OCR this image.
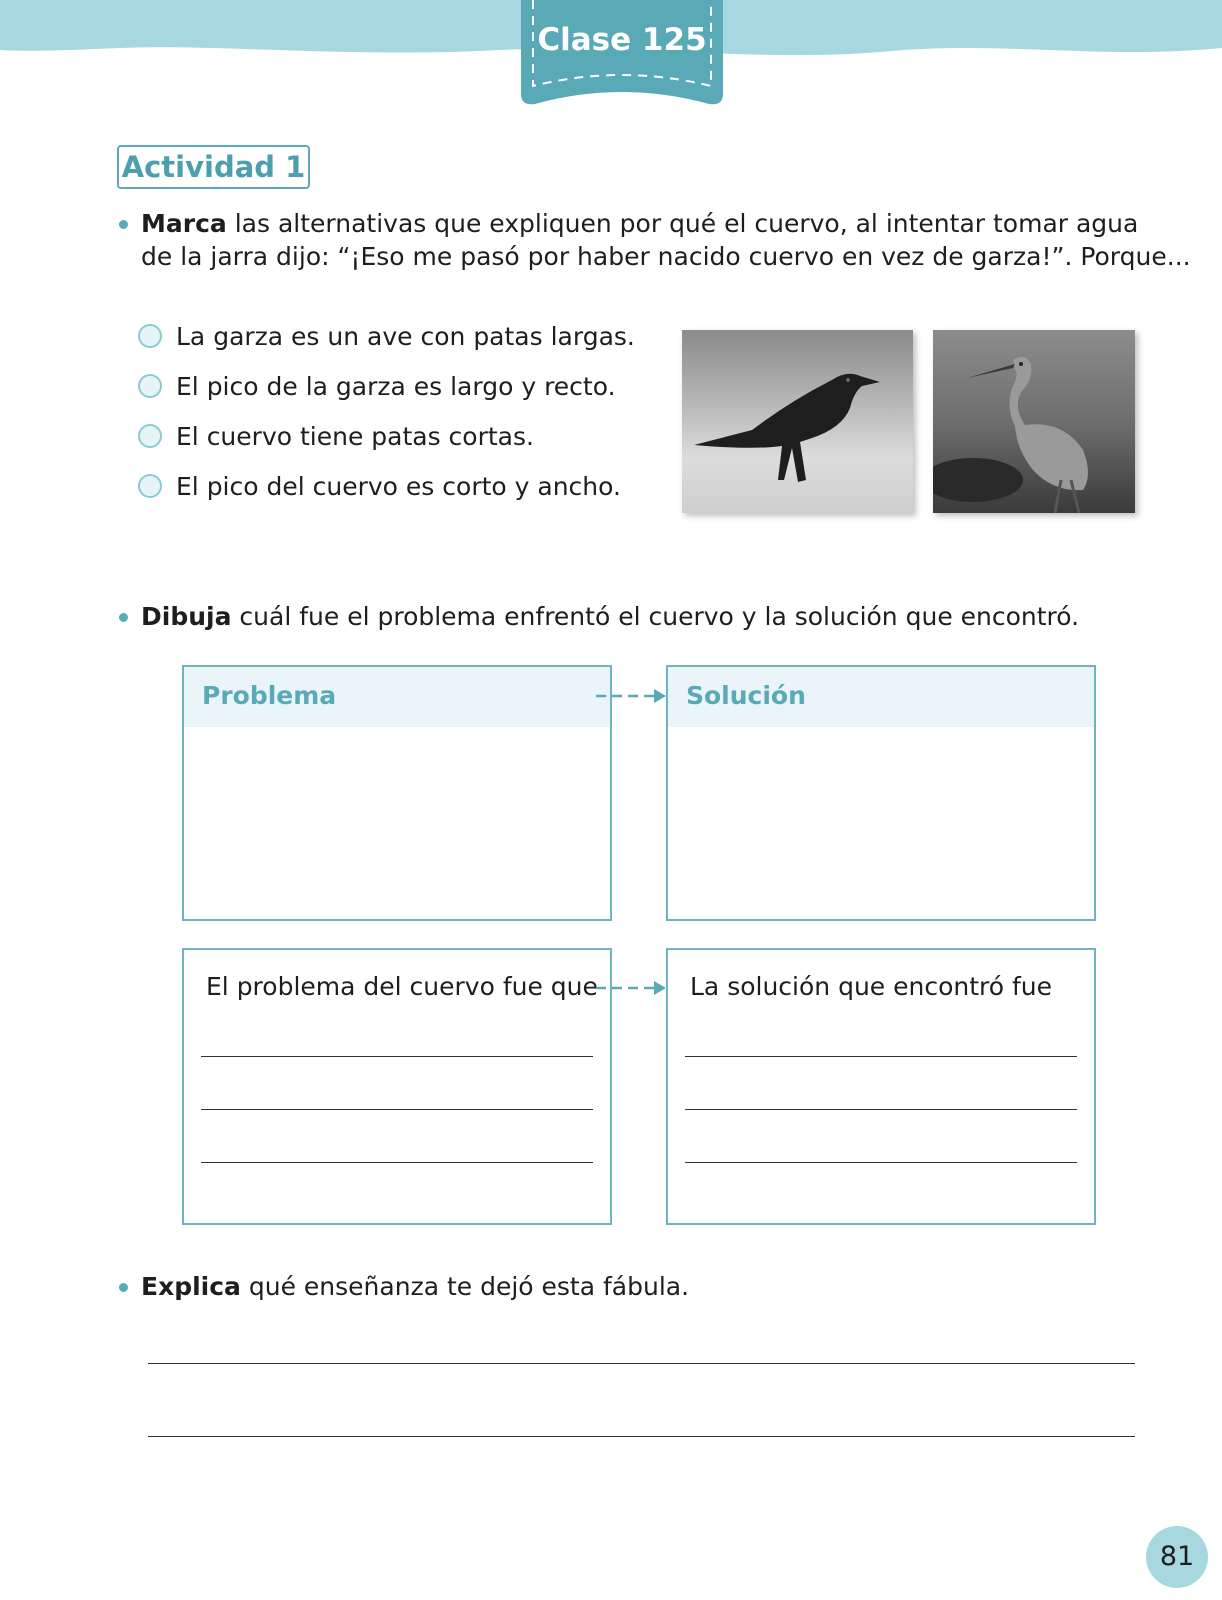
Clase 125
Actividad 1
Marca las alternativas que expliquen por qué el cuervo, al intentar tomar agua
de la jarra dijo: “¡Eso me pasó por haber nacido cuervo en vez de garza!”. Porque...
La garza es un ave con patas largas.
El pico de la garza es largo y recto.
El cuervo tiene patas cortas.
El pico del cuervo es corto y ancho.
Dibuja cuál fue el problema enfrentó el cuervo y la solución que encontró.
Problema	Solución
El problema del cuervo fue que	La solución que encontró fue
Explica qué enseñanza te dejó esta fábula.
81
